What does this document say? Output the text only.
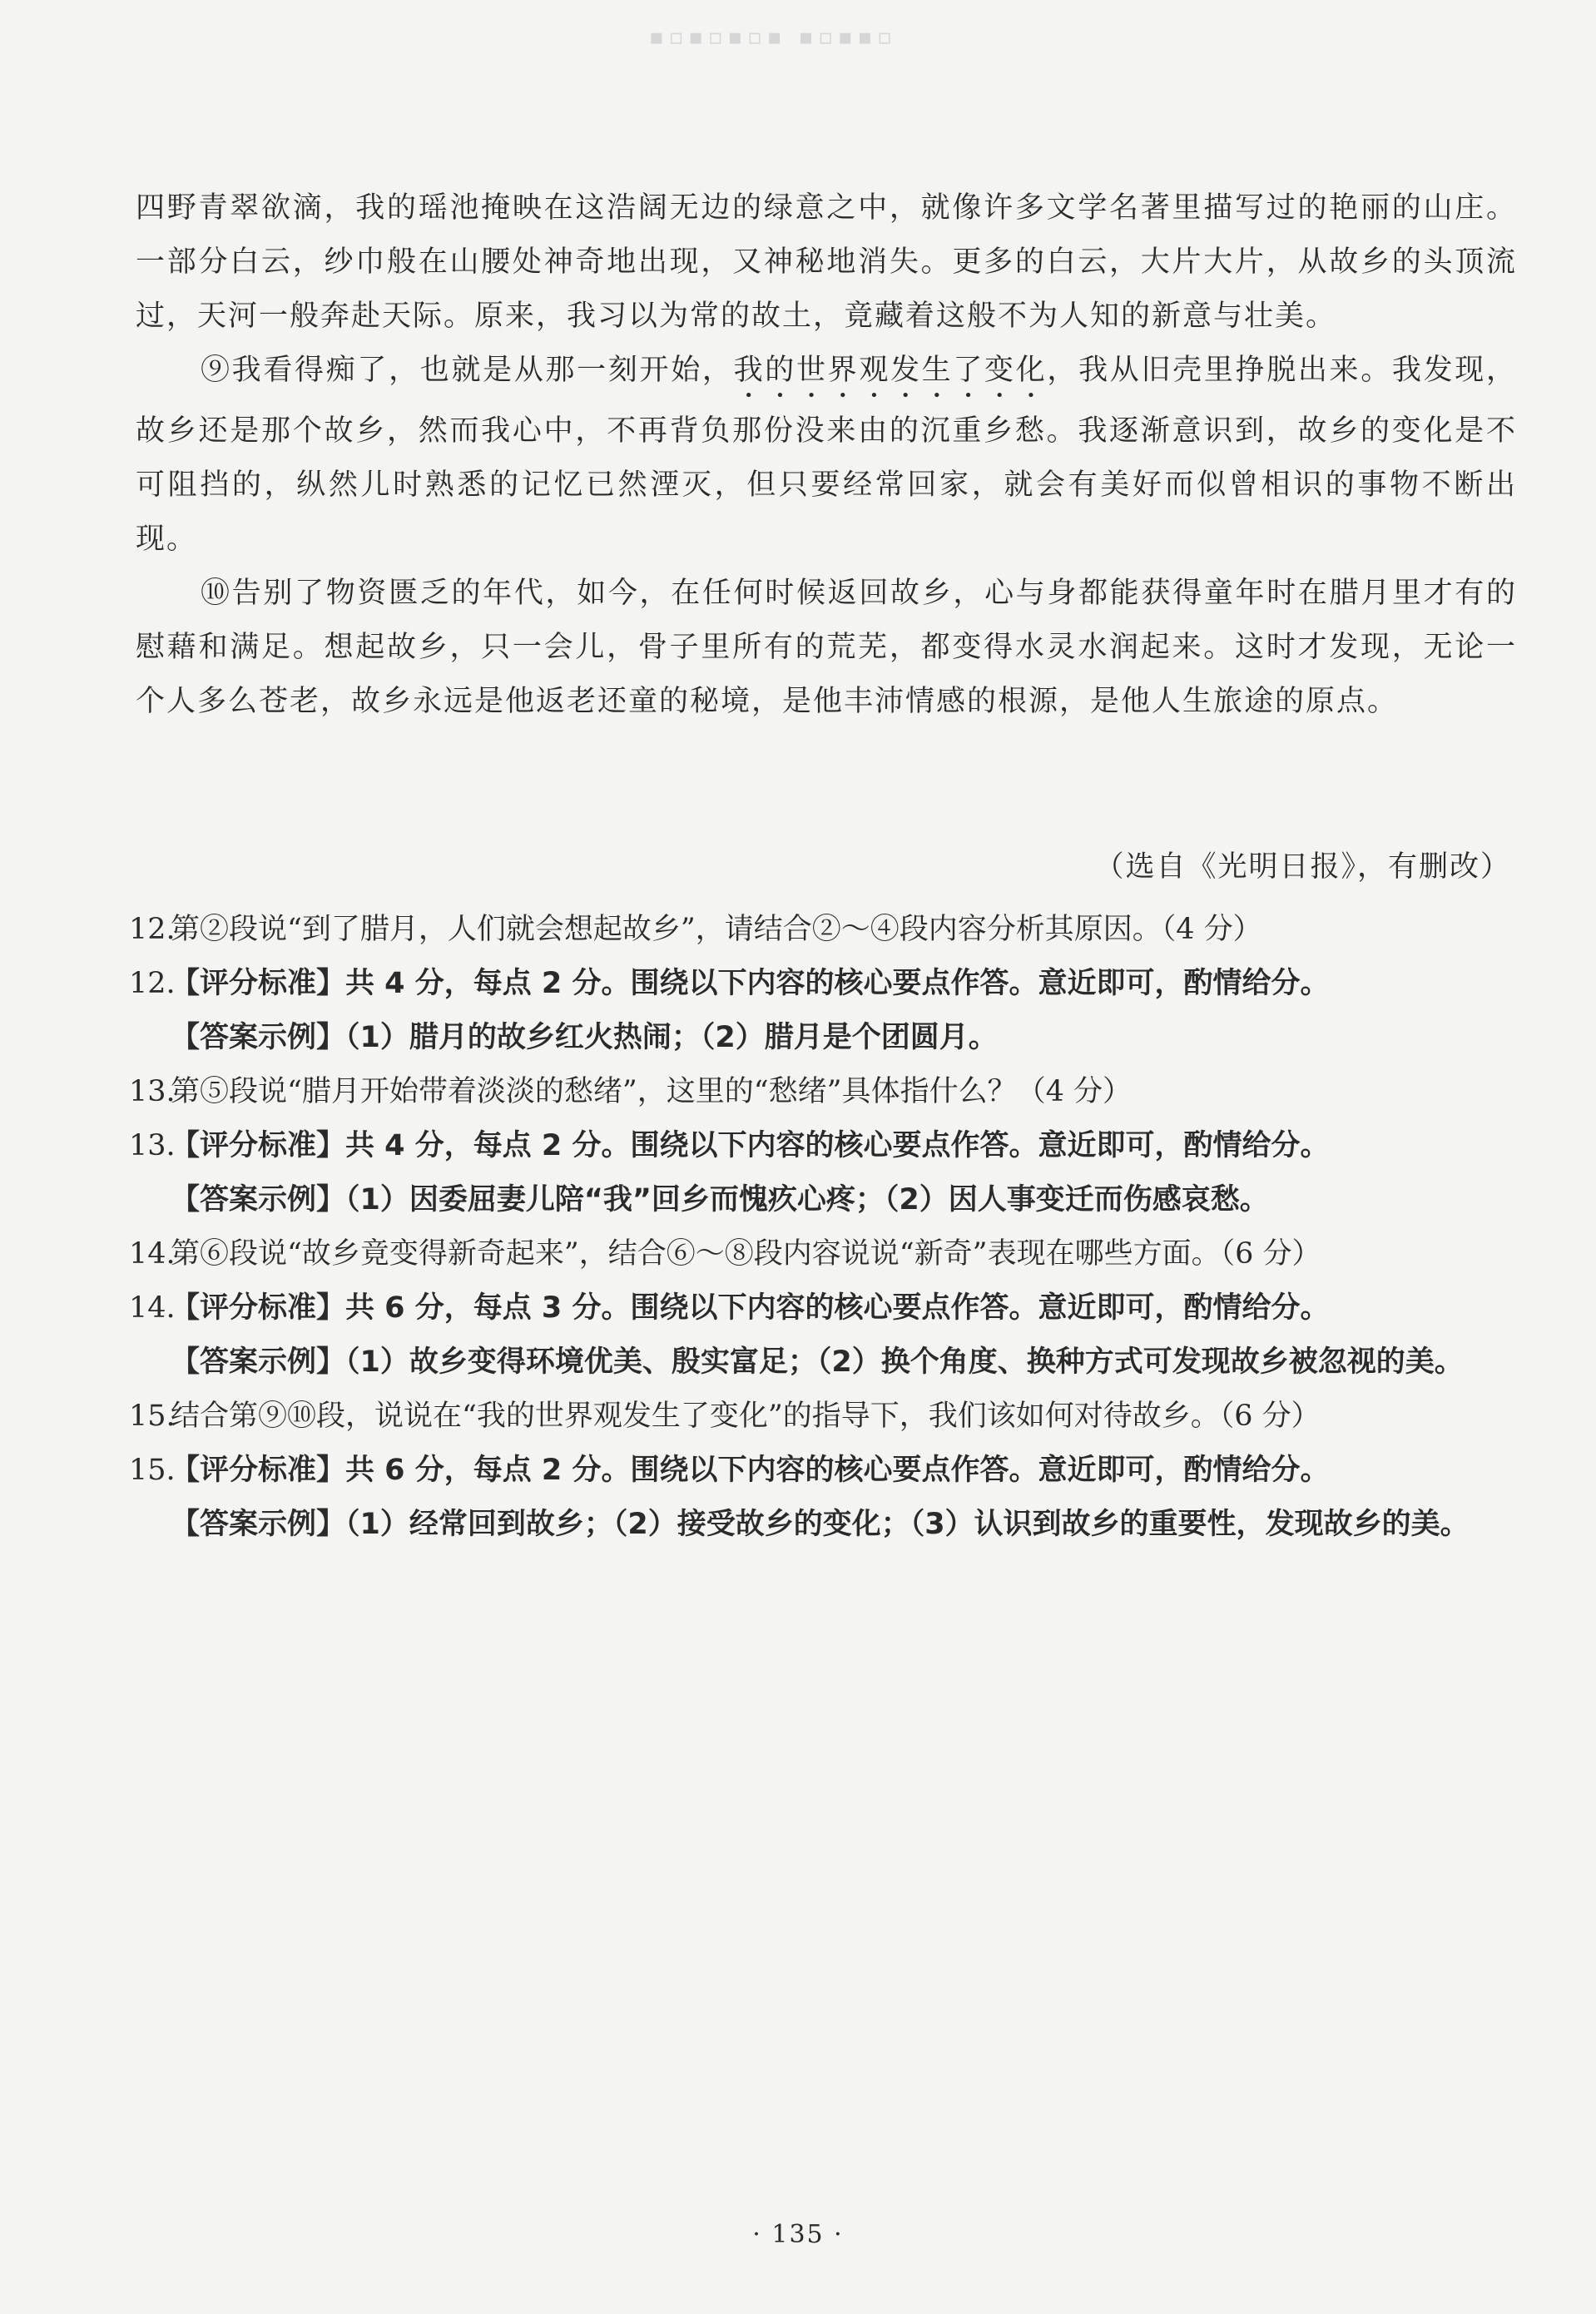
▪▫▪▫▪▫▪ ▪▫▪▪▫

四野青翠欲滴，我的瑶池掩映在这浩阔无边的绿意之中，就像许多文学名著里描写过的艳丽的山庄。一部分白云，纱巾般在山腰处神奇地出现，又神秘地消失。更多的白云，大片大片，从故乡的头顶流过，天河一般奔赴天际。原来，我习以为常的故土，竟藏着这般不为人知的新意与壮美。

⑨我看得痴了，也就是从那一刻开始，我的世界观发生了变化，我从旧壳里挣脱出来。我发现，故乡还是那个故乡，然而我心中，不再背负那份没来由的沉重乡愁。我逐渐意识到，故乡的变化是不可阻挡的，纵然儿时熟悉的记忆已然湮灭，但只要经常回家，就会有美好而似曾相识的事物不断出现。

⑩告别了物资匮乏的年代，如今，在任何时候返回故乡，心与身都能获得童年时在腊月里才有的慰藉和满足。想起故乡，只一会儿，骨子里所有的荒芜，都变得水灵水润起来。这时才发现，无论一个人多么苍老，故乡永远是他返老还童的秘境，是他丰沛情感的根源，是他人生旅途的原点。

（选自《光明日报》，有删改）

12.第②段说“到了腊月，人们就会想起故乡”，请结合②～④段内容分析其原因。（4 分）

12.【评分标准】共 4 分，每点 2 分。围绕以下内容的核心要点作答。意近即可，酌情给分。

【答案示例】（1）腊月的故乡红火热闹；（2）腊月是个团圆月。

13.第⑤段说“腊月开始带着淡淡的愁绪”，这里的“愁绪”具体指什么？（4 分）

13.【评分标准】共 4 分，每点 2 分。围绕以下内容的核心要点作答。意近即可，酌情给分。

【答案示例】（1）因委屈妻儿陪“我”回乡而愧疚心疼；（2）因人事变迁而伤感哀愁。

14.第⑥段说“故乡竟变得新奇起来”，结合⑥～⑧段内容说说“新奇”表现在哪些方面。（6 分）

14.【评分标准】共 6 分，每点 3 分。围绕以下内容的核心要点作答。意近即可，酌情给分。

【答案示例】（1）故乡变得环境优美、殷实富足；（2）换个角度、换种方式可发现故乡被忽视的美。

15.结合第⑨⑩段，说说在“我的世界观发生了变化”的指导下，我们该如何对待故乡。（6 分）

15.【评分标准】共 6 分，每点 2 分。围绕以下内容的核心要点作答。意近即可，酌情给分。

【答案示例】（1）经常回到故乡；（2）接受故乡的变化；（3）认识到故乡的重要性，发现故乡的美。

· 135 ·
